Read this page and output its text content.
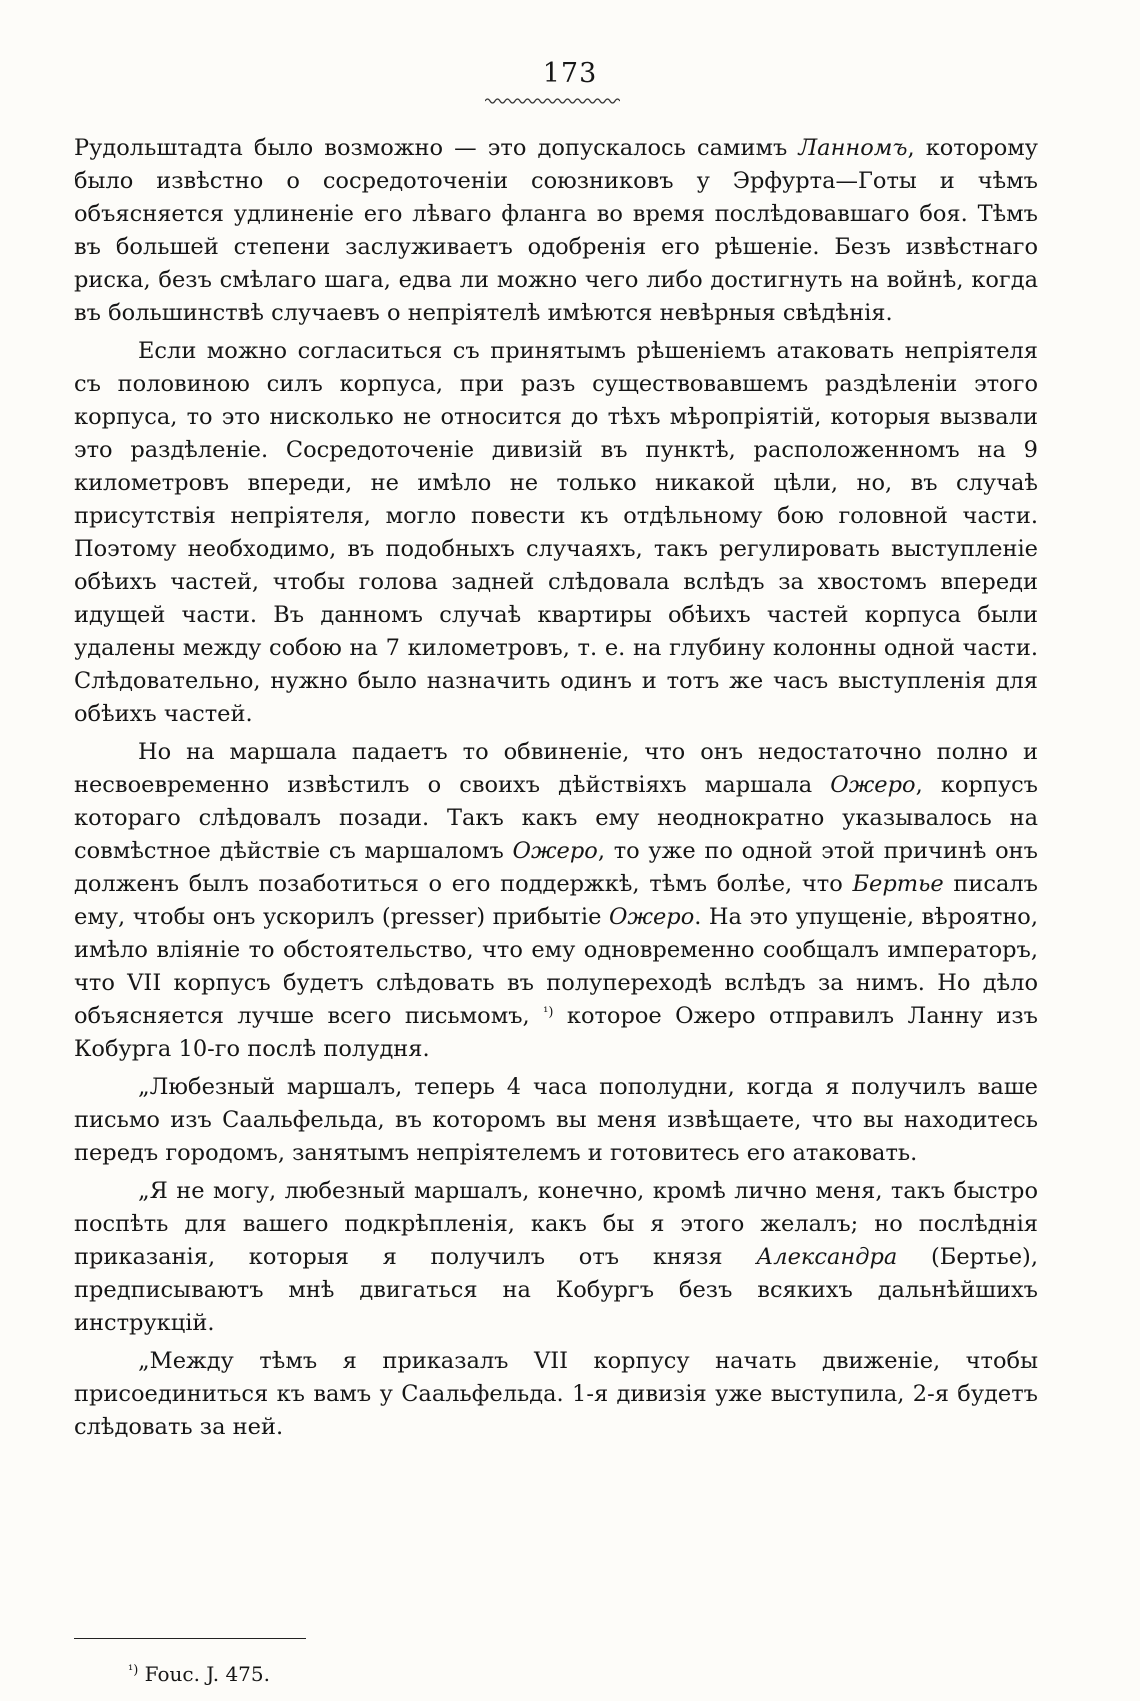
173

Рудольштадта было возможно — это допускалось самимъ Ланномъ, которому было извѣстно о сосредоточеніи союзниковъ у Эрфурта—Готы и чѣмъ объясняется удлиненіе его лѣваго фланга во время послѣдовавшаго боя. Тѣмъ въ большей степени заслуживаетъ одобренія его рѣшеніе. Безъ извѣстнаго риска, безъ смѣлаго шага, едва ли можно чего либо достигнуть на войнѣ, когда въ большинствѣ случаевъ о непріятелѣ имѣются невѣрныя свѣдѣнія.

Если можно согласиться съ принятымъ рѣшеніемъ атаковать непріятеля съ половиною силъ корпуса, при разъ существовавшемъ раздѣленіи этого корпуса, то это нисколько не относится до тѣхъ мѣропріятій, которыя вызвали это раздѣленіе. Сосредоточеніе дивизій въ пунктѣ, расположенномъ на 9 километровъ впереди, не имѣло не только никакой цѣли, но, въ случаѣ присутствія непріятеля, могло повести къ отдѣльному бою головной части. Поэтому необходимо, въ подобныхъ случаяхъ, такъ регулировать выступленіе обѣихъ частей, чтобы голова задней слѣдовала вслѣдъ за хвостомъ впереди идущей части. Въ данномъ случаѣ квартиры обѣихъ частей корпуса были удалены между собою на 7 километровъ, т. е. на глубину колонны одной части. Слѣдовательно, нужно было назначить одинъ и тотъ же часъ выступленія для обѣихъ частей.

Но на маршала падаетъ то обвиненіе, что онъ недостаточно полно и несвоевременно извѣстилъ о своихъ дѣйствіяхъ маршала Ожеро, корпусъ котораго слѣдовалъ позади. Такъ какъ ему неоднократно указывалось на совмѣстное дѣйствіе съ маршаломъ Ожеро, то уже по одной этой причинѣ онъ долженъ былъ позаботиться о его поддержкѣ, тѣмъ болѣе, что Бертье писалъ ему, чтобы онъ ускорилъ (presser) прибытіе Ожеро. На это упущеніе, вѣроятно, имѣло вліяніе то обстоятельство, что ему одновременно сообщалъ императоръ, что VII корпусъ будетъ слѣдовать въ полупереходѣ вслѣдъ за нимъ. Но дѣло объясняется лучше всего письмомъ, $^{^1)}$ которое Ожеро отправилъ Ланну изъ Кобурга 10-го послѣ полудня.

„Любезный маршалъ, теперь 4 часа пополудни, когда я получилъ ваше письмо изъ Саальфельда, въ которомъ вы меня извѣщаете, что вы находитесь передъ городомъ, занятымъ непріятелемъ и готовитесь его атаковать.

„Я не могу, любезный маршалъ, конечно, кромѣ лично меня, такъ быстро поспѣть для вашего подкрѣпленія, какъ бы я этого желалъ; но послѣднія приказанія, которыя я получилъ отъ князя Александра (Бертье), предписываютъ мнѣ двигаться на Кобургъ безъ всякихъ дальнѣйшихъ инструкцій.

„Между тѣмъ я приказалъ VII корпусу начать движеніе, чтобы присоединиться къ вамъ у Саальфельда. 1-я дивизія уже выступила, 2-я будетъ слѣдовать за ней.

$^{^1)}$ Fouc. J. 475.
